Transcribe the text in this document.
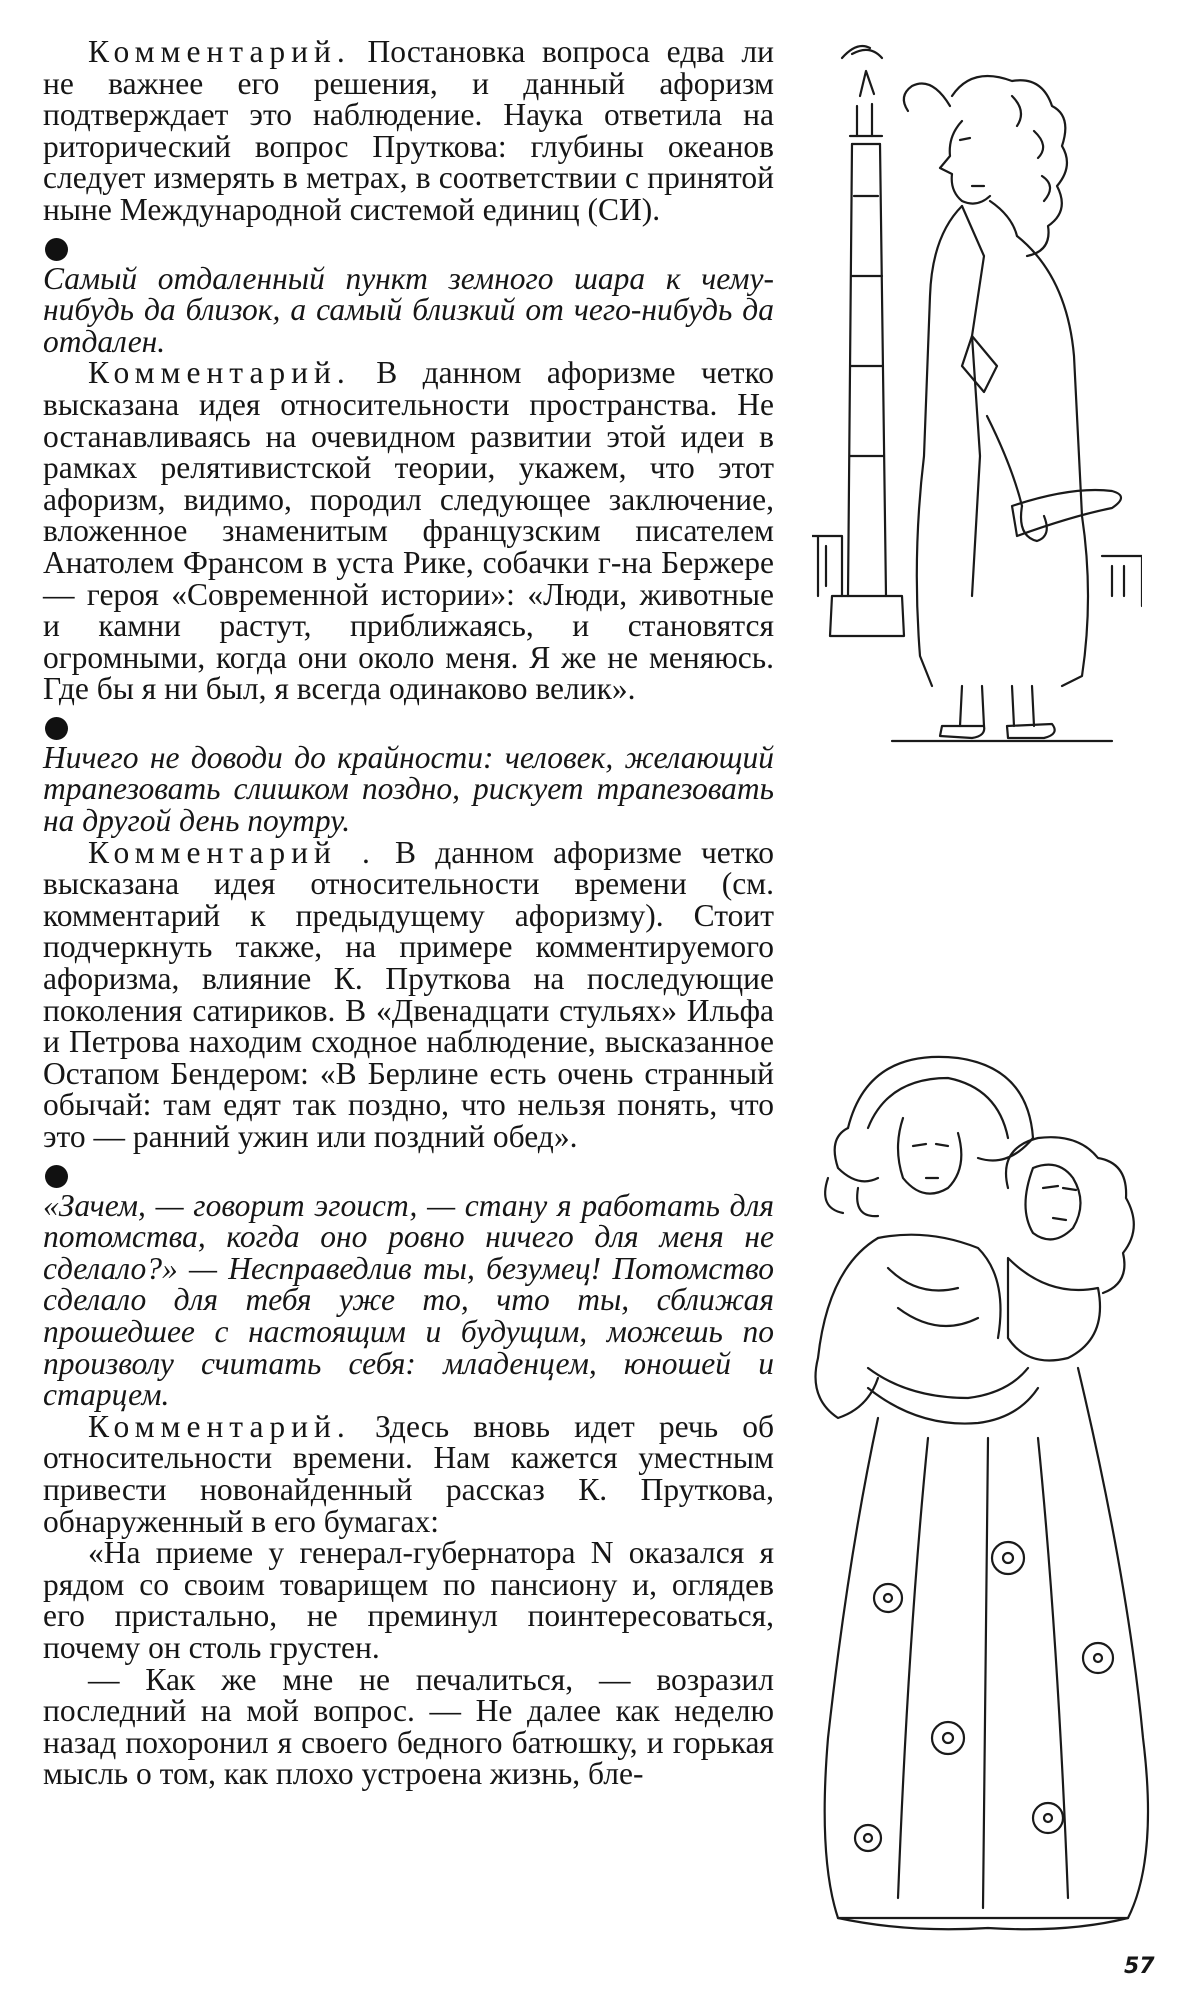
Комментарий. Постановка вопроса едва ли не важнее его решения, и данный афоризм подтверждает это наблюдение. Наука ответила на риторический вопрос Пруткова: глубины океанов следует измерять в метрах, в соответствии с принятой ныне Международной системой единиц (СИ).

Самый отдаленный пункт земного шара к чему-нибудь да близок, а самый близкий от чего-нибудь да отдален.

Комментарий. В данном афоризме четко высказана идея относительности пространства. Не останавливаясь на очевидном развитии этой идеи в рамках релятивистской теории, укажем, что этот афоризм, видимо, породил следующее заключение, вложенное знаменитым французским писателем Анатолем Франсом в уста Рике, собачки г-на Бержере — героя «Современной истории»: «Люди, животные и камни растут, приближаясь, и становятся огромными, когда они около меня. Я же не меняюсь. Где бы я ни был, я всегда одинаково велик».

Ничего не доводи до крайности: человек, желающий трапезовать слишком поздно, рискует трапезовать на другой день поутру.

Комментарий . В данном афоризме четко высказана идея относительности времени (см. комментарий к предыдущему афоризму). Стоит подчеркнуть также, на примере комментируемого афоризма, влияние К. Пруткова на последующие поколения сатириков. В «Двенадцати стульях» Ильфа и Петрова находим сходное наблюдение, высказанное Остапом Бендером: «В Берлине есть очень странный обычай: там едят так поздно, что нельзя понять, что это — ранний ужин или поздний обед».

«Зачем, — говорит эгоист, — стану я работать для потомства, когда оно ровно ничего для меня не сделало?» — Несправедлив ты, безумец! Потомство сделало для тебя уже то, что ты, сближая прошедшее с настоящим и будущим, можешь по произволу считать себя: младенцем, юношей и старцем.

Комментарий. Здесь вновь идет речь об относительности времени. Нам кажется уместным привести новонайденный рассказ К. Пруткова, обнаруженный в его бумагах:

«На приеме у генерал-губернатора N оказался я рядом со своим товарищем по пансиону и, оглядев его пристально, не преминул поинтересоваться, почему он столь грустен.

— Как же мне не печалиться, — возразил последний на мой вопрос. — Не далее как неделю назад похоронил я своего бедного батюшку, и горькая мысль о том, как плохо устроена жизнь, бле-

57
